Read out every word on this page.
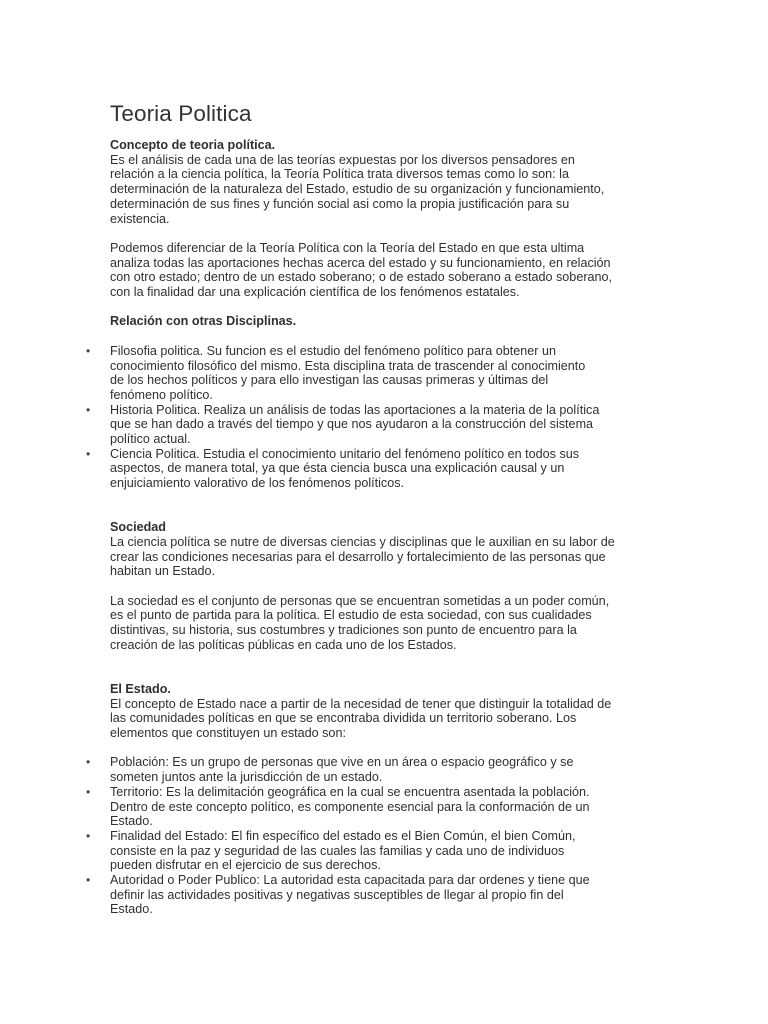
Teoria Politica

Concepto de teoria política.

Es el análisis de cada una de las teorías expuestas por los diversos pensadores en
relación a la ciencia política, la Teoría Política trata diversos temas como lo son: la
determinación de la naturaleza del Estado, estudio de su organización y funcionamiento,
determinación de sus fines y función social asi como la propia justificación para su
existencia.

Podemos diferenciar de la Teoría Política con la Teoría del Estado en que esta ultima
analiza todas las aportaciones hechas acerca del estado y su funcionamiento, en relación
con otro estado; dentro de un estado soberano; o de estado soberano a estado soberano,
con la finalidad dar una explicación científica de los fenómenos estatales.

Relación con otras Disciplinas.

• Filosofia politica. Su funcion es el estudio del fenómeno político para obtener un
conocimiento filosófico del mismo. Esta disciplina trata de trascender al conocimiento
de los hechos políticos y para ello investigan las causas primeras y últimas del
fenómeno político.
• Historia Politica. Realiza un análisis de todas las aportaciones a la materia de la política
que se han dado a través del tiempo y que nos ayudaron a la construcción del sistema
político actual.
• Ciencia Politica. Estudia el conocimiento unitario del fenómeno político en todos sus
aspectos, de manera total, ya que ésta ciencia busca una explicación causal y un
enjuiciamiento valorativo de los fenómenos políticos.

Sociedad

La ciencia política se nutre de diversas ciencias y disciplinas que le auxilian en su labor de
crear las condiciones necesarias para el desarrollo y fortalecimiento de las personas que
habitan un Estado.

La sociedad es el conjunto de personas que se encuentran sometidas a un poder común,
es el punto de partida para la política. El estudio de esta sociedad, con sus cualidades
distintivas, su historia, sus costumbres y tradiciones son punto de encuentro para la
creación de las políticas públicas en cada uno de los Estados.

El Estado.

El concepto de Estado nace a partir de la necesidad de tener que distinguir la totalidad de
las comunidades políticas en que se encontraba dividida un territorio soberano. Los
elementos que constituyen un estado son:

• Población: Es un grupo de personas que vive en un área o espacio geográfico y se
someten juntos ante la jurisdicción de un estado.
• Territorio: Es la delimitación geográfica en la cual se encuentra asentada la población.
Dentro de este concepto político, es componente esencial para la conformación de un
Estado.
• Finalidad del Estado: El fin específico del estado es el Bien Común, el bien Común,
consiste en la paz y seguridad de las cuales las familias y cada uno de individuos
pueden disfrutar en el ejercicio de sus derechos.
• Autoridad o Poder Publico: La autoridad esta capacitada para dar ordenes y tiene que
definir las actividades positivas y negativas susceptibles de llegar al propio fin del
Estado.
